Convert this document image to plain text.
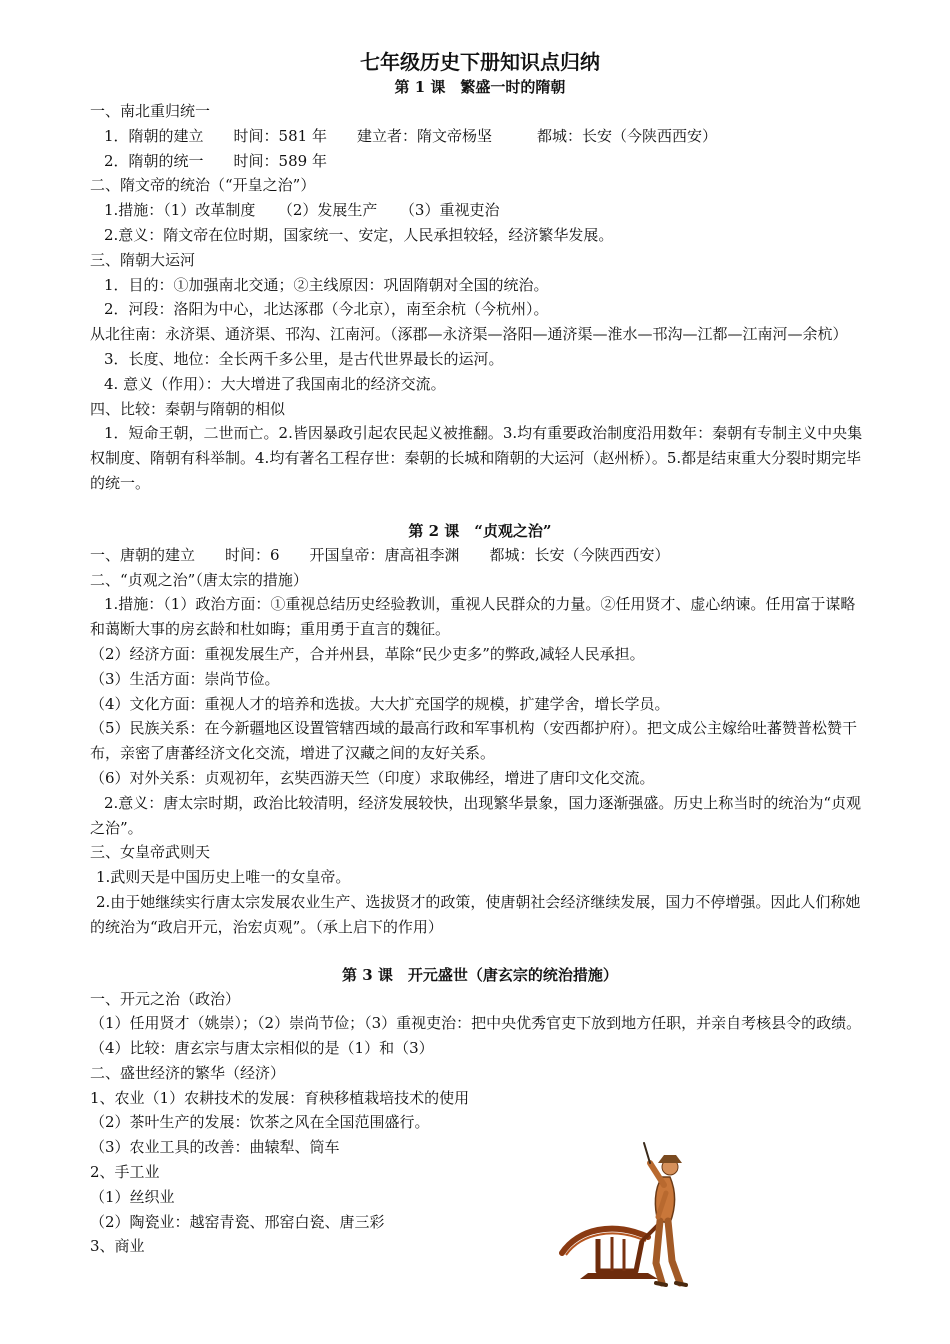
七年级历史下册知识点归纳

第 1 课　繁盛一时的隋朝

一、南北重归统一

1．隋朝的建立　　时间：581 年　　建立者：隋文帝杨坚　　　都城：长安（今陕西西安）

2．隋朝的统一　　时间：589 年

二、隋文帝的统治（“开皇之治”）

1.措施：（1）改革制度　　（2）发展生产　　（3）重视吏治

2.意义：隋文帝在位时期，国家统一、安定，人民承担较轻，经济繁华发展。

三、隋朝大运河

1．目的：①加强南北交通；②主线原因：巩固隋朝对全国的统治。

2．河段：洛阳为中心，北达涿郡（今北京），南至余杭（今杭州）。

从北往南：永济渠、通济渠、邗沟、江南河。（涿郡—永济渠—洛阳—通济渠—淮水—邗沟—江都—江南河—余杭）

3．长度、地位：全长两千多公里，是古代世界最长的运河。

4. 意义（作用）：大大增进了我国南北的经济交流。

四、比较：秦朝与隋朝的相似

1．短命王朝，二世而亡。2.皆因暴政引起农民起义被推翻。3.均有重要政治制度沿用数年：秦朝有专制主义中央集权制度、隋朝有科举制。4.均有著名工程存世：秦朝的长城和隋朝的大运河（赵州桥）。5.都是结束重大分裂时期完毕的统一。

第 2 课　“贞观之治”

一、唐朝的建立　　时间：6　　开国皇帝：唐高祖李渊　　都城：长安（今陕西西安）

二、“贞观之治”（唐太宗的措施）

1.措施：（1）政治方面：①重视总结历史经验教训，重视人民群众的力量。②任用贤才、虚心纳谏。任用富于谋略和蔼断大事的房玄龄和杜如晦；重用勇于直言的魏征。

（2）经济方面：重视发展生产，合并州县，革除“民少吏多”的弊政,减轻人民承担。

（3）生活方面：崇尚节俭。

（4）文化方面：重视人才的培养和选拔。大大扩充国学的规模，扩建学舍，增长学员。

（5）民族关系：在今新疆地区设置管辖西域的最高行政和军事机构（安西都护府）。把文成公主嫁给吐蕃赞普松赞干布，亲密了唐蕃经济文化交流，增进了汉藏之间的友好关系。

（6）对外关系：贞观初年，玄奘西游天竺（印度）求取佛经，增进了唐印文化交流。

2.意义：唐太宗时期，政治比较清明，经济发展较快，出现繁华景象，国力逐渐强盛。历史上称当时的统治为“贞观之治”。

三、女皇帝武则天

1.武则天是中国历史上唯一的女皇帝。

2.由于她继续实行唐太宗发展农业生产、选拔贤才的政策，使唐朝社会经济继续发展，国力不停增强。因此人们称她的统治为“政启开元，治宏贞观”。（承上启下的作用）

第 3 课　开元盛世（唐玄宗的统治措施）

一、开元之治（政治）

（1）任用贤才（姚崇）；（2）崇尚节俭；（3）重视吏治：把中央优秀官吏下放到地方任职，并亲自考核县令的政绩。（4）比较：唐玄宗与唐太宗相似的是（1）和（3）

二、盛世经济的繁华（经济）

1、农业（1）农耕技术的发展：育秧移植栽培技术的使用

（2）茶叶生产的发展：饮茶之风在全国范围盛行。

（3）农业工具的改善：曲辕犁、筒车

2、手工业

（1）丝织业

（2）陶瓷业：越窑青瓷、邢窑白瓷、唐三彩

3、商业
